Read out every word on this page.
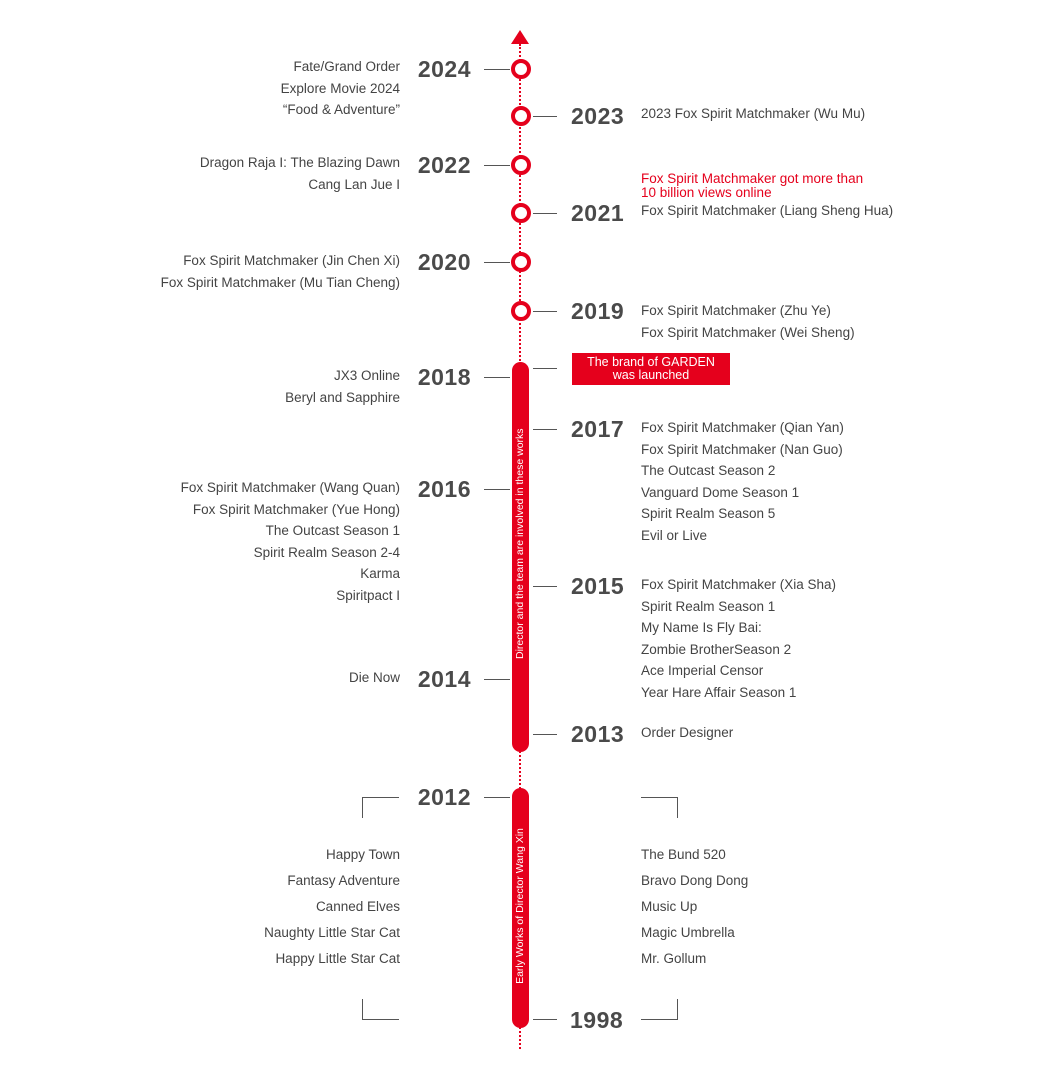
Director and the team are involved in these works
Early Works of Director Wang Xin
2024
Fate/Grand Order
Explore Movie 2024
“Food & Adventure”	2023 2023 Fox Spirit Matchmaker (Wu Mu)
2022
Dragon Raja I: The Blazing Dawn
Cang Lan Jue I
2021 Fox Spirit Matchmaker (Liang Sheng Hua)
2020
Fox Spirit Matchmaker (Jin Chen Xi)
Fox Spirit Matchmaker (Mu Tian Cheng)
2019 Fox Spirit Matchmaker (Zhu Ye)
Fox Spirit Matchmaker (Wei Sheng)
2018
JX3 Online
Beryl and Sapphire
2017 Fox Spirit Matchmaker (Qian Yan)
Fox Spirit Matchmaker (Nan Guo)
The Outcast Season 2
Vanguard Dome Season 1
Spirit Realm Season 5
Evil or Live
2016
Fox Spirit Matchmaker (Wang Quan)
Fox Spirit Matchmaker (Yue Hong)
The Outcast Season 1
Spirit Realm Season 2-4
Karma
Spiritpact I	2015 Fox Spirit Matchmaker (Xia Sha)
Spirit Realm Season 1
My Name Is Fly Bai:
Zombie BrotherSeason 2
Ace Imperial Censor
Year Hare Affair Season 1
2014
Die Now
2013 Order Designer
Fox Spirit Matchmaker got more than
10 billion views online
The brand of GARDEN
was launched
2012
1998
Happy Town
Fantasy Adventure
Canned Elves
Naughty Little Star Cat
Happy Little Star Cat
The Bund 520
Bravo Dong Dong
Music Up
Magic Umbrella
Mr. Gollum
